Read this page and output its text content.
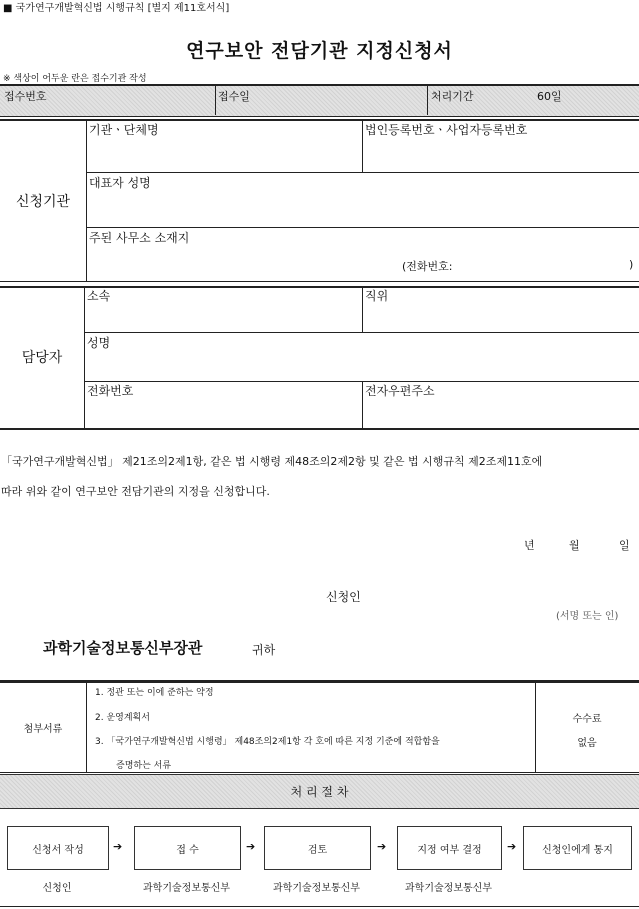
■ 국가연구개발혁신법 시행규칙 [별지 제11호서식]
연구보안 전담기관 지정신청서
※ 색상이 어두운 란은 접수기관 작성
접수번호	접수일	처리기간	60일
신청기관
기관ㆍ단체명	법인등록번호ㆍ사업자등록번호
대표자 성명
주된 사무소 소재지
(전화번호:	)
담당자
소속	직위
성명
전화번호	전자우편주소
「국가연구개발혁신법」 제21조의2제1항, 같은 법 시행령 제48조의2제2항 및 같은 법 시행규칙 제2조제11호에
따라 위와 같이 연구보안 전담기관의 지정을 신청합니다.
년	월	일
신청인
(서명 또는 인)
과학기술정보통신부장관	귀하
첨부서류
1. 정관 또는 이에 준하는 약정
2. 운영계획서
3. 「국가연구개발혁신법 시행령」 제48조의2제1항 각 호에 따른 지정 기준에 적합함을
증명하는 서류
수수료
없음
처 리 절 차
신청서 작성	접 수	검토	지정 여부 결정	신청인에게 통지
➔	➔	➔	➔
신청인	과학기술정보통신부	과학기술정보통신부	과학기술정보통신부
